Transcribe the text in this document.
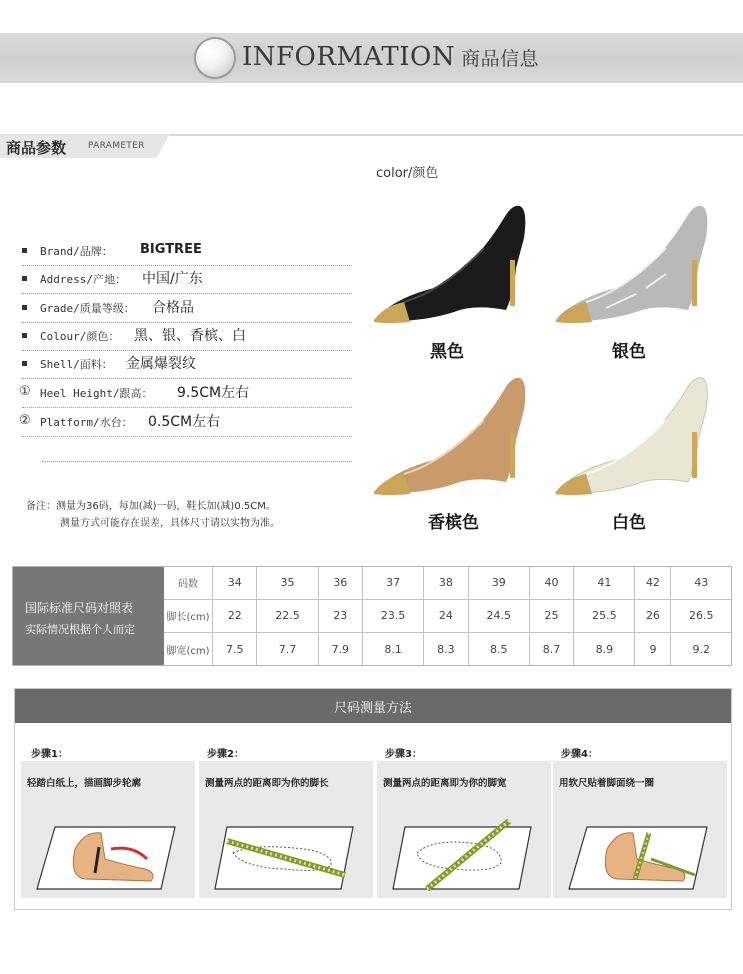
INFORMATION 商品信息
商品参数 PARAMETER
Brand/品牌： BIGTREE
Address/产地： 中国/广东
Grade/质量等级： 合格品
Colour/颜色： 黑、银、香槟、白
Shell/面料： 金属爆裂纹
① Heel Height/跟高： 9.5CM左右
② Platform/水台： 0.5CM左右
备注：测量为36码，每加(减)一码，鞋长加(减)0.5CM。
测量方式可能存在误差，具体尺寸请以实物为准。
color/颜色
黑色	银色
香槟色	白色
国际标准尺码对照表
实际情况根据个人而定
码数	34	35	36	37	38	39	40	41	42	43
脚长(cm)	22	22.5	23	23.5	24	24.5	25	25.5	26	26.5
脚宽(cm)	7.5	7.7	7.9	8.1	8.3	8.5	8.7	8.9	9	9.2
尺码测量方法
步骤1：
轻踏白纸上，描画脚步轮廓
步骤2：
测量两点的距离即为你的脚长
步骤3：
测量两点的距离即为你的脚宽
步骤4：
用软尺贴着脚面绕一圈
